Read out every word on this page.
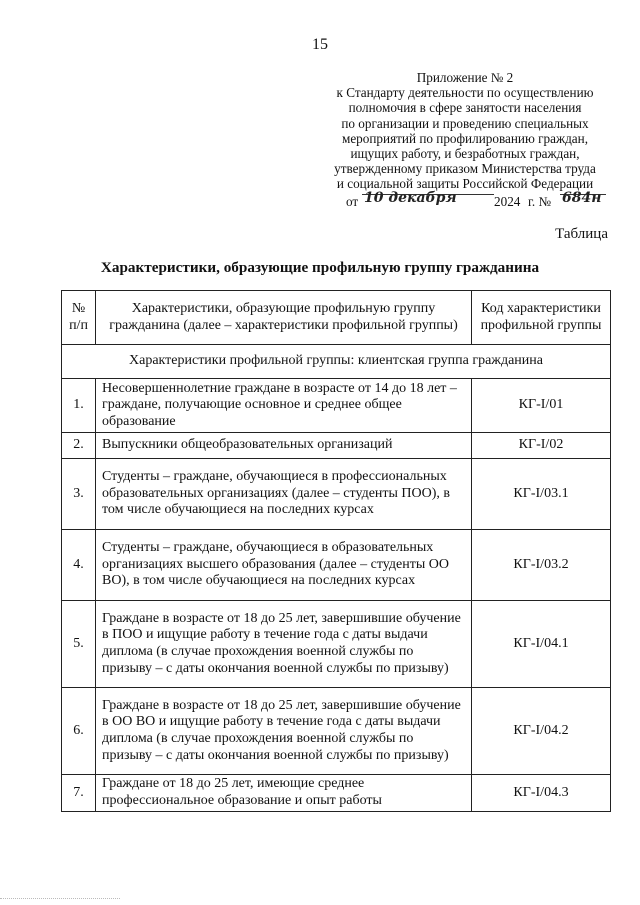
15
Приложение № 2
к Стандарту деятельности по осуществлению
полномочия в сфере занятости населения
по организации и проведению специальных
мероприятий по профилированию граждан,
ищущих работу, и безработных граждан,
утвержденному приказом Министерства труда
и социальной защиты Российской Федерации
от 10 декабря	2024 г. № 684н
Таблица
Характеристики, образующие профильную группу гражданина
№ п/п	Характеристики, образующие профильную группу гражданина (далее – характеристики профильной группы)	Код характеристики профильной группы
Характеристики профильной группы: клиентская группа гражданина		
1.	Несовершеннолетние граждане в возрасте от 14 до 18 лет – граждане, получающие основное и среднее общее образование	КГ-I/01
2.	Выпускники общеобразовательных организаций	КГ-I/02
3.	Студенты – граждане, обучающиеся в профессиональных образовательных организациях (далее – студенты ПОО), в том числе обучающиеся на последних курсах	КГ-I/03.1
4.	Студенты – граждане, обучающиеся в образовательных организациях высшего образования (далее – студенты ОО ВО), в том числе обучающиеся на последних курсах	КГ-I/03.2
5.	Граждане в возрасте от 18 до 25 лет, завершившие обучение в ПОО и ищущие работу в течение года с даты выдачи диплома (в случае прохождения военной службы по призыву – с даты окончания военной службы по призыву)	КГ-I/04.1
6.	Граждане в возрасте от 18 до 25 лет, завершившие обучение в ОО ВО и ищущие работу в течение года с даты выдачи диплома (в случае прохождения военной службы по призыву – с даты окончания военной службы по призыву)	КГ-I/04.2
7.	Граждане от 18 до 25 лет, имеющие среднее профессиональное образование и опыт работы	КГ-I/04.3
